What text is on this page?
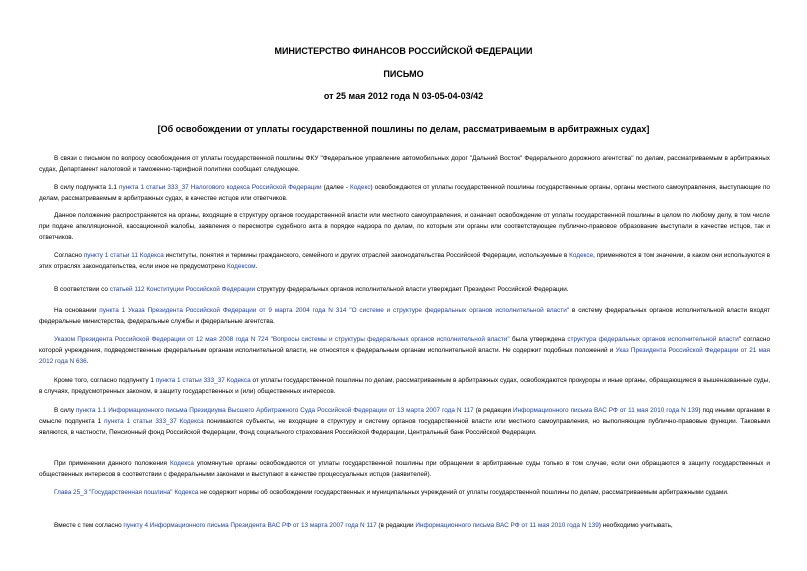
МИНИСТЕРСТВО ФИНАНСОВ РОССИЙСКОЙ ФЕДЕРАЦИИ
ПИСЬМО
от 25 мая 2012 года N 03-05-04-03/42
[Об освобождении от уплаты государственной пошлины по делам, рассматриваемым в арбитражных судах]

В связи с письмом по вопросу освобождения от уплаты государственной пошлины ФКУ "Федеральное управление автомобильных дорог "Дальний Восток" Федерального дорожного агентства" по делам, рассматриваемым в арбитражных судах, Департамент налоговой и таможенно-тарифной политики сообщает следующее.

В силу подпункта 1.1 пункта 1 статьи 333_37 Налогового кодекса Российской Федерации (далее - Кодекс) освобождаются от уплаты государственной пошлины государственные органы, органы местного самоуправления, выступающие по делам, рассматриваемым в арбитражных судах, в качестве истцов или ответчиков.

Данное положение распространяется на органы, входящие в структуру органов государственной власти или местного самоуправления, и означает освобождение от уплаты государственной пошлины в целом по любому делу, в том числе при подаче апелляционной, кассационной жалобы, заявления о пересмотре судебного акта в порядке надзора по делам, по которым эти органы или соответствующее публично-правовое образование выступали в качестве истцов, так и ответчиков.

Согласно пункту 1 статьи 11 Кодекса институты, понятия и термины гражданского, семейного и других отраслей законодательства Российской Федерации, используемые в Кодексе, применяются в том значении, в каком они используются в этих отраслях законодательства, если иное не предусмотрено Кодексом.

В соответствии со статьей 112 Конституции Российской Федерации структуру федеральных органов исполнительной власти утверждает Президент Российской Федерации.

На основании пункта 1 Указа Президента Российской Федерации от 9 марта 2004 года N 314 "О системе и структуре федеральных органов исполнительной власти" в систему федеральных органов исполнительной власти входят федеральные министерства, федеральные службы и федеральные агентства.

Указом Президента Российской Федерации от 12 мая 2008 года N 724 "Вопросы системы и структуры федеральных органов исполнительной власти" была утверждена структура федеральных органов исполнительной власти" согласно которой учреждения, подведомственные федеральным органам исполнительной власти, не относятся к федеральным органам исполнительной власти. Не содержит подобных положений и Указ Президента Российской Федерации от 21 мая 2012 года N 636.

Кроме того, согласно подпункту 1 пункта 1 статьи 333_37 Кодекса от уплаты государственной пошлины по делам, рассматриваемым в арбитражных судах, освобождаются прокуроры и иные органы, обращающиеся в вышеназванные суды, в случаях, предусмотренных законом, в защиту государственных и (или) общественных интересов.

В силу пункта 1.1 Информационного письма Президиума Высшего Арбитражного Суда Российской Федерации от 13 марта 2007 года N 117 (в редакции Информационного письма ВАС РФ от 11 мая 2010 года N 139) под иными органами в смысле подпункта 1 пункта 1 статьи 333_37 Кодекса понимаются субъекты, не входящие в структуру и систему органов государственной власти или местного самоуправления, но выполняющие публично-правовые функции. Таковыми являются, в частности, Пенсионный фонд Российской Федерации, Фонд социального страхования Российской Федерации, Центральный банк Российской Федерации.

При применении данного положения Кодекса упомянутые органы освобождаются от уплаты государственной пошлины при обращении в арбитражные суды только в том случае, если они обращаются в защиту государственных и общественных интересов в соответствии с федеральными законами и выступают в качестве процессуальных истцов (заявителей).

Глава 25_3 "Государственная пошлина" Кодекса не содержит нормы об освобождении государственных и муниципальных учреждений от уплаты государственной пошлины по делам, рассматриваемым арбитражными судами.

Вместе с тем согласно пункту 4 Информационного письма Президента ВАС РФ от 13 марта 2007 года N 117 (в редакции Информационного письма ВАС РФ от 11 мая 2010 года N 139) необходимо учитывать,
